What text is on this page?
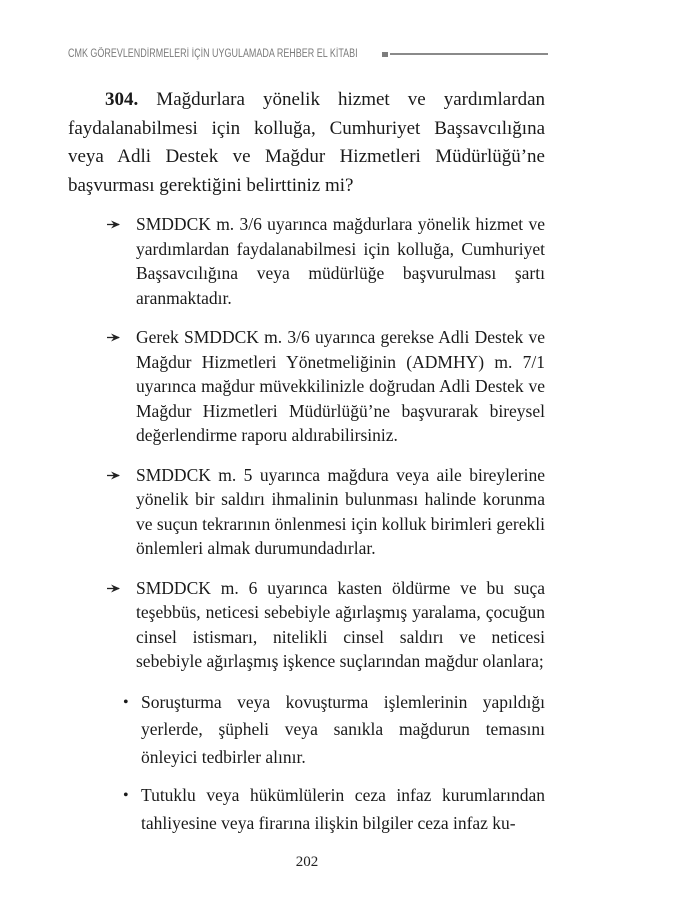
CMK GÖREVLENDİRMELERİ İÇİN UYGULAMADA REHBER EL KİTABI

304. Mağdurlara yönelik hizmet ve yardımlardan faydalanabilmesi için kolluğa, Cumhuriyet Başsavcılığına veya Adli Destek ve Mağdur Hizmetleri Müdürlüğü’ne başvurması gerektiğini belirttiniz mi?

SMDDCK m. 3/6 uyarınca mağdurlara yönelik hizmet ve yardımlardan faydalanabilmesi için kolluğa, Cumhuriyet Başsavcılığına veya müdürlüğe başvurulması şartı aranmaktadır.
Gerek SMDDCK m. 3/6 uyarınca gerekse Adli Destek ve Mağdur Hizmetleri Yönetmeliğinin (ADMHY) m. 7/1 uyarınca mağdur müvekkilinizle doğrudan Adli Destek ve Mağdur Hizmetleri Müdürlüğü’ne başvurarak bireysel değerlendirme raporu aldırabilirsiniz.
SMDDCK m. 5 uyarınca mağdura veya aile bireylerine yönelik bir saldırı ihmalinin bulunması halinde korunma ve suçun tekrarının önlenmesi için kolluk birimleri gerekli önlemleri almak durumundadırlar.
SMDDCK m. 6 uyarınca kasten öldürme ve bu suça teşebbüs, neticesi sebebiyle ağırlaşmış yaralama, çocuğun cinsel istismarı, nitelikli cinsel saldırı ve neticesi sebebiyle ağırlaşmış işkence suçlarından mağdur olanlara;
• Soruşturma veya kovuşturma işlemlerinin yapıldığı yerlerde, şüpheli veya sanıkla mağdurun temasını önleyici tedbirler alınır.
• Tutuklu veya hükümlülerin ceza infaz kurumlarından tahliyesine veya firarına ilişkin bilgiler ceza infaz ku-
202
